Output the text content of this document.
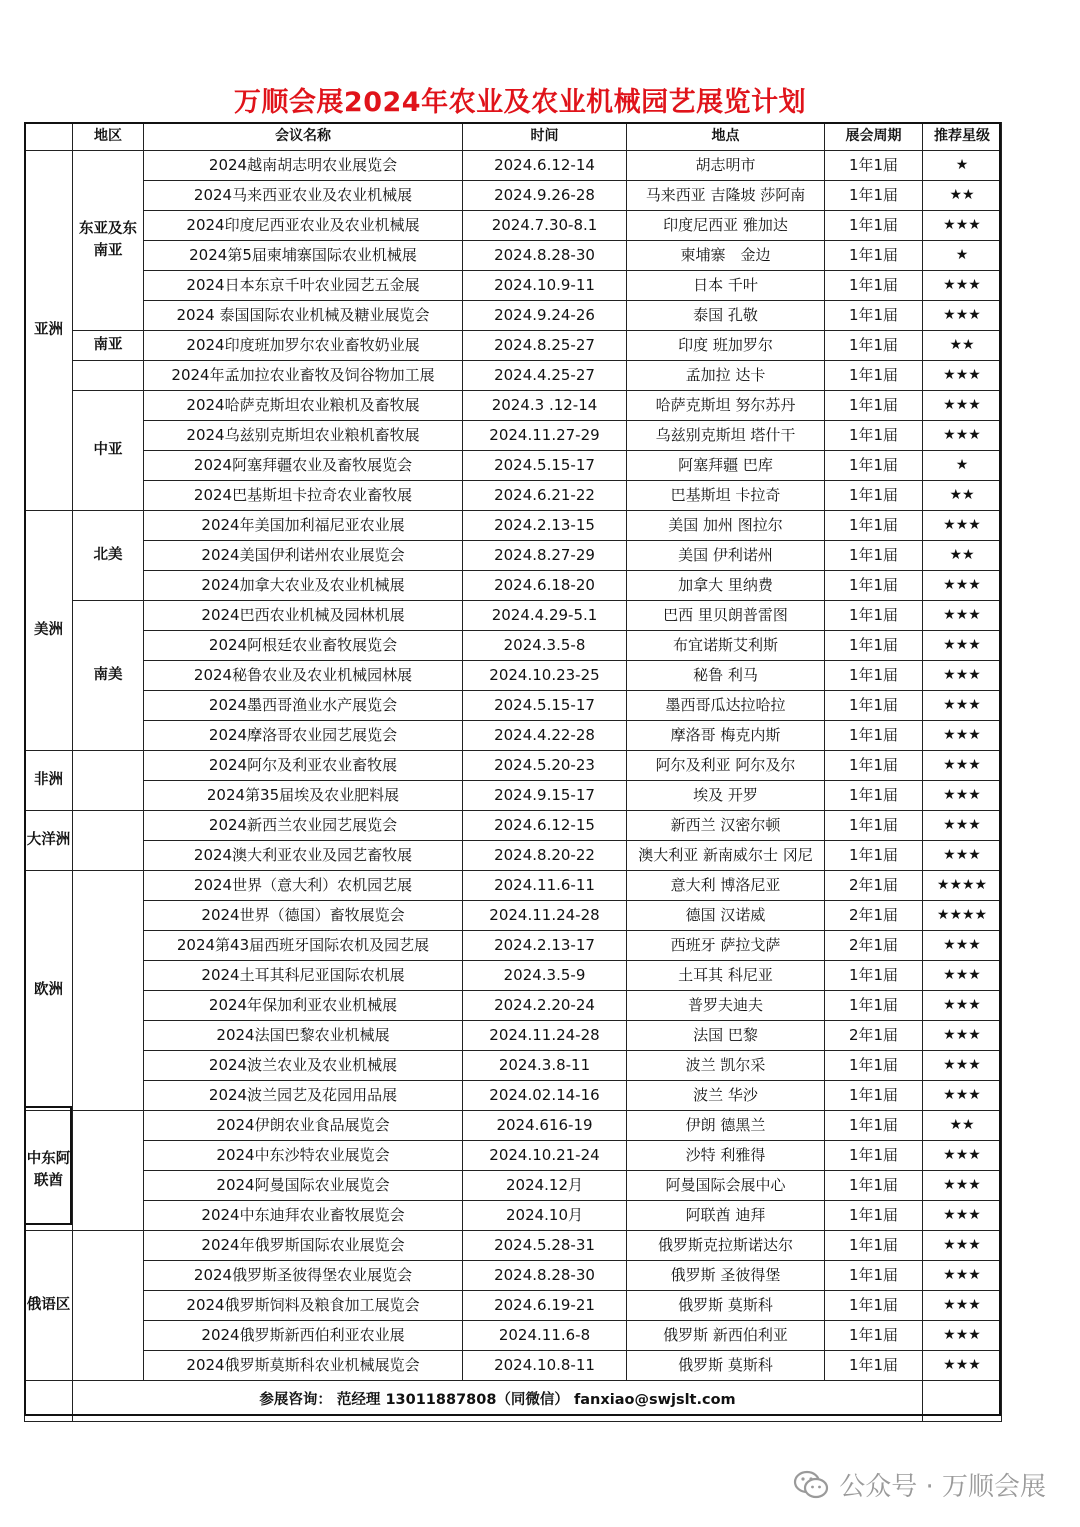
万顺会展2024年农业及农业机械园艺展览计划
	地区	会议名称	时间	地点	展会周期	推荐星级
亚洲	东亚及东南亚	2024越南胡志明农业展览会	2024.6.12-14	胡志明市	1年1届	★
		2024马来西亚农业及农业机械展	2024.9.26-28	马来西亚 吉隆坡 莎阿南	1年1届	★★
		2024印度尼西亚农业及农业机械展	2024.7.30-8.1	印度尼西亚 雅加达	1年1届	★★★
		2024第5届柬埔寨国际农业机械展	2024.8.28-30	柬埔寨　金边	1年1届	★
		2024日本东京千叶农业园艺五金展	2024.10.9-11	日本 千叶	1年1届	★★★
		2024 泰国国际农业机械及糖业展览会	2024.9.24-26	泰国 孔敬	1年1届	★★★
	南亚	2024印度班加罗尔农业畜牧奶业展	2024.8.25-27	印度 班加罗尔	1年1届	★★
		2024年孟加拉农业畜牧及饲谷物加工展	2024.4.25-27	孟加拉 达卡	1年1届	★★★
	中亚	2024哈萨克斯坦农业粮机及畜牧展	2024.3 .12-14	哈萨克斯坦 努尔苏丹	1年1届	★★★
		2024乌兹别克斯坦农业粮机畜牧展	2024.11.27-29	乌兹别克斯坦 塔什干	1年1届	★★★
		2024阿塞拜疆农业及畜牧展览会	2024.5.15-17	阿塞拜疆 巴库	1年1届	★
		2024巴基斯坦卡拉奇农业畜牧展	2024.6.21-22	巴基斯坦 卡拉奇	1年1届	★★
美洲	北美	2024年美国加利福尼亚农业展	2024.2.13-15	美国 加州 图拉尔	1年1届	★★★
		2024美国伊利诺州农业展览会	2024.8.27-29	美国 伊利诺州	1年1届	★★
		2024加拿大农业及农业机械展	2024.6.18-20	加拿大 里纳费	1年1届	★★★
	南美	2024巴西农业机械及园林机展	2024.4.29-5.1	巴西 里贝朗普雷图	1年1届	★★★
		2024阿根廷农业畜牧展览会	2024.3.5-8	布宜诺斯艾利斯	1年1届	★★★
		2024秘鲁农业及农业机械园林展	2024.10.23-25	秘鲁 利马	1年1届	★★★
		2024墨西哥渔业水产展览会	2024.5.15-17	墨西哥瓜达拉哈拉	1年1届	★★★
		2024摩洛哥农业园艺展览会	2024.4.22-28	摩洛哥 梅克内斯	1年1届	★★★
非洲		2024阿尔及利亚农业畜牧展	2024.5.20-23	阿尔及利亚 阿尔及尔	1年1届	★★★
		2024第35届埃及农业肥料展	2024.9.15-17	埃及 开罗	1年1届	★★★
大洋洲		2024新西兰农业园艺展览会	2024.6.12-15	新西兰 汉密尔顿	1年1届	★★★
		2024澳大利亚农业及园艺畜牧展	2024.8.20-22	澳大利亚 新南威尔士 冈尼	1年1届	★★★
欧洲		2024世界（意大利）农机园艺展	2024.11.6-11	意大利 博洛尼亚	2年1届	★★★★
		2024世界（德国）畜牧展览会	2024.11.24-28	德国 汉诺威	2年1届	★★★★
		2024第43届西班牙国际农机及园艺展	2024.2.13-17	西班牙 萨拉戈萨	2年1届	★★★
		2024土耳其科尼亚国际农机展	2024.3.5-9	土耳其 科尼亚	1年1届	★★★
		2024年保加利亚农业机械展	2024.2.20-24	普罗夫迪夫	1年1届	★★★
		2024法国巴黎农业机械展	2024.11.24-28	法国 巴黎	2年1届	★★★
		2024波兰农业及农业机械展	2024.3.8-11	波兰 凯尔采	1年1届	★★★
		2024波兰园艺及花园用品展	2024.02.14-16	波兰 华沙	1年1届	★★★
中东阿联酋		2024伊朗农业食品展览会	2024.616-19	伊朗 德黑兰	1年1届	★★
		2024中东沙特农业展览会	2024.10.21-24	沙特 利雅得	1年1届	★★★
		2024阿曼国际农业展览会	2024.12月	阿曼国际会展中心	1年1届	★★★
		2024中东迪拜农业畜牧展览会	2024.10月	阿联酋 迪拜	1年1届	★★★
俄语区		2024年俄罗斯国际农业展览会	2024.5.28-31	俄罗斯克拉斯诺达尔	1年1届	★★★
		2024俄罗斯圣彼得堡农业展览会	2024.8.28-30	俄罗斯 圣彼得堡	1年1届	★★★
		2024俄罗斯饲料及粮食加工展览会	2024.6.19-21	俄罗斯 莫斯科	1年1届	★★★
		2024俄罗斯新西伯利亚农业展	2024.11.6-8	俄罗斯 新西伯利亚	1年1届	★★★
		2024俄罗斯莫斯科农业机械展览会	2024.10.8-11	俄罗斯 莫斯科	1年1届	★★★
	参展咨询： 范经理 13011887808（同微信） fanxiao@swjslt.com					
公众号 · 万顺会展
